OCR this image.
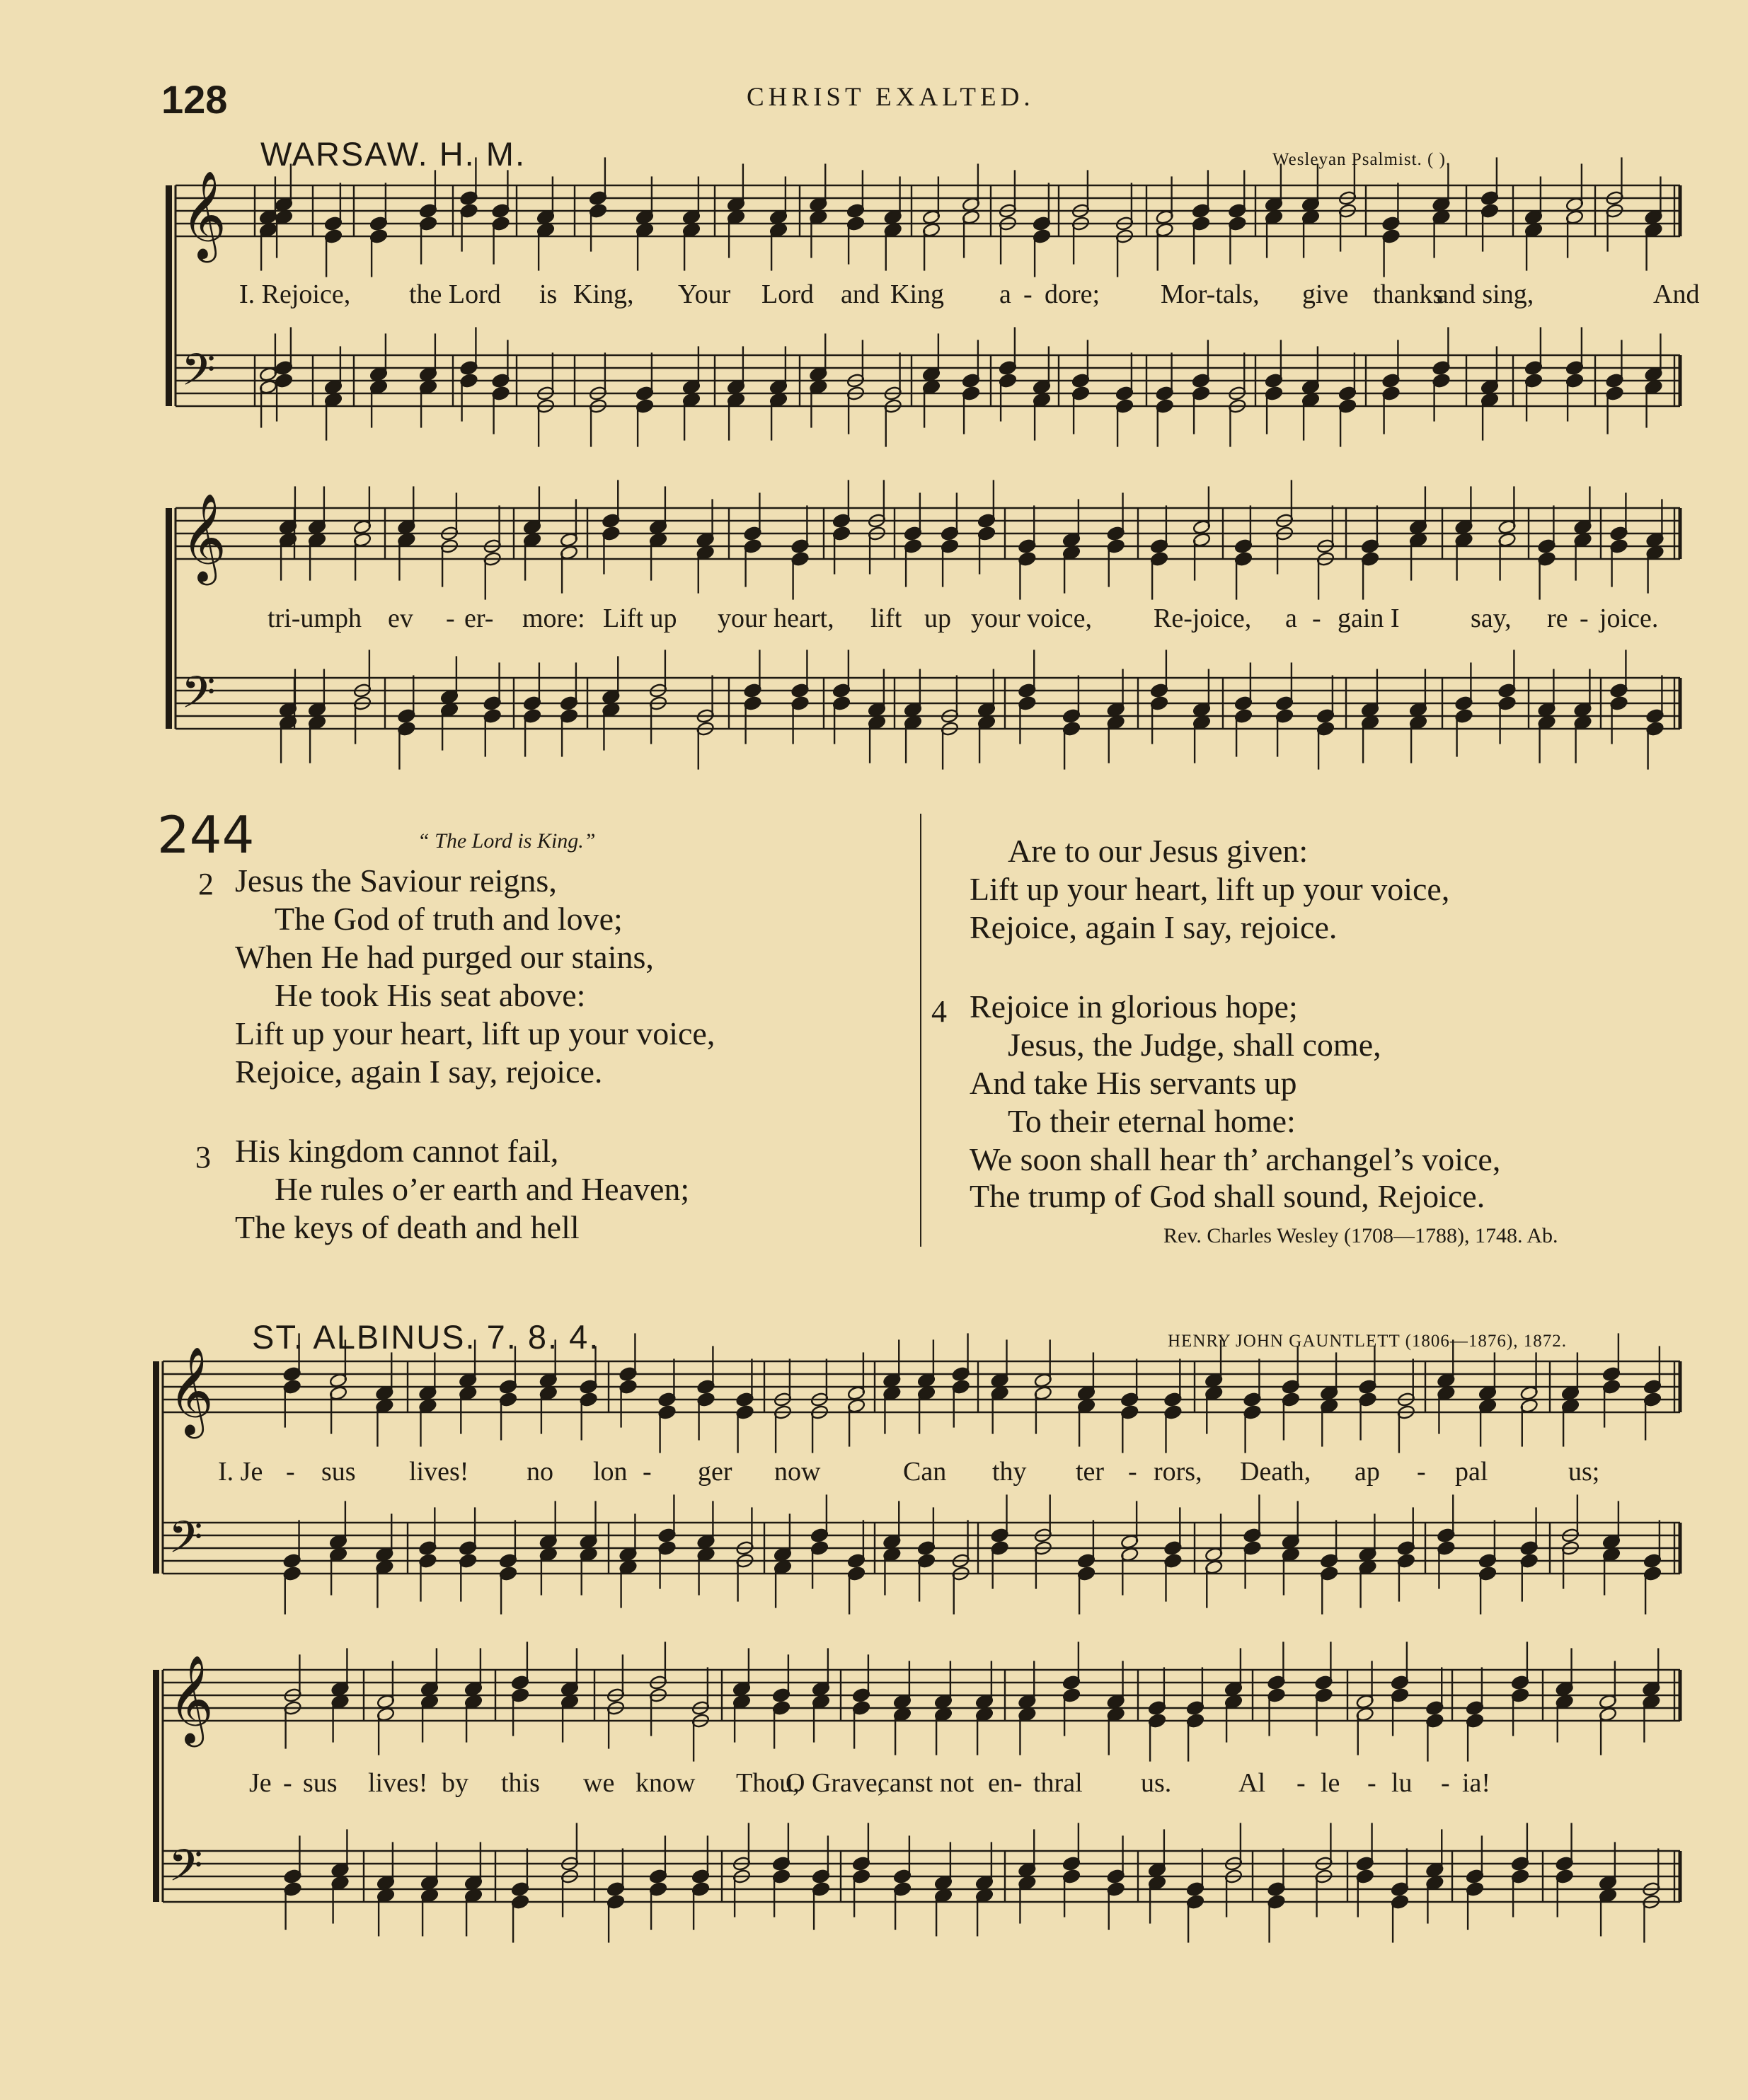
128	CHRIST EXALTED.
WARSAW. H. M.	Wesleyan Psalmist. ( ).
𝄞
𝄢
𝄞
𝄢
𝄞
𝄢
𝄞
𝄢
I. Rejoice, the Lord is King, Your Lord and King a - dore; Mor-tals, give thanks
and sing,	And
tri-umph ev - er- more: Lift up your heart, lift up your voice, Re-joice, a - gain I	say, re - joice.
244	“ The Lord is King.”
2 Jesus the Saviour reigns,
The God of truth and love;
When He had purged our stains,
He took His seat above:
Lift up your heart, lift up your voice,
Rejoice, again I say, rejoice.
3 His kingdom cannot fail,
He rules o’er earth and Heaven;
The keys of death and hell
Are to our Jesus given:
Lift up your heart, lift up your voice,
Rejoice, again I say, rejoice.
4 Rejoice in glorious hope;
Jesus, the Judge, shall come,
And take His servants up
To their eternal home:
We soon shall hear th’ archangel’s voice,
The trump of God shall sound, Rejoice.
Rev. Charles Wesley (1708—1788), 1748. Ab.
ST. ALBINUS. 7. 8. 4.	HENRY JOHN GAUNTLETT (1806—1876), 1872.
I. Je - sus lives! no lon - ger now	Can thy ter - rors, Death, ap - pal	us;
Je - sus lives! by this we know Thou,
O Grave,
canst not en- thral us. Al - le - lu - ia!
